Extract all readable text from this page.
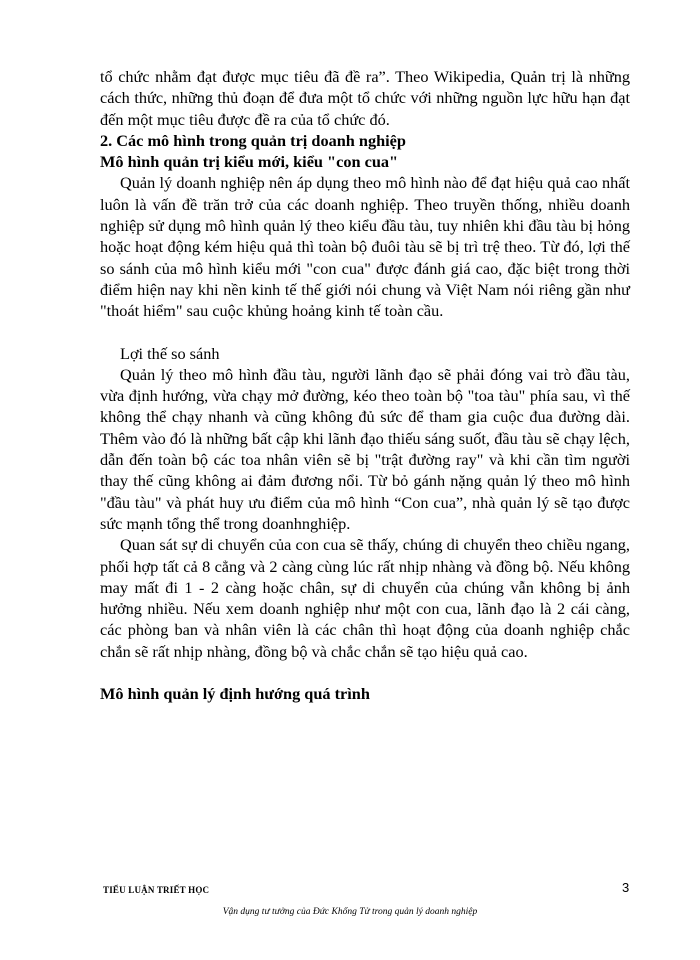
tổ chức nhằm đạt được mục tiêu đã đề ra”. Theo Wikipedia, Quản trị là những cách thức, những thủ đoạn để đưa một tổ chức với những nguồn lực hữu hạn đạt đến một mục tiêu được đề ra của tổ chức đó.

2. Các mô hình trong quản trị doanh nghiệp

Mô hình quản trị kiểu mới, kiểu "con cua"

Quản lý doanh nghiệp nên áp dụng theo mô hình nào để đạt hiệu quả cao nhất luôn là vấn đề trăn trở của các doanh nghiệp. Theo truyền thống, nhiều doanh nghiệp sử dụng mô hình quản lý theo kiểu đầu tàu, tuy nhiên khi đầu tàu bị hỏng hoặc hoạt động kém hiệu quả thì toàn bộ đuôi tàu sẽ bị trì trệ theo. Từ đó, lợi thế so sánh của mô hình kiểu mới "con cua" được đánh giá cao, đặc biệt trong thời điểm hiện nay khi nền kinh tế thế giới nói chung và Việt Nam nói riêng gần như "thoát hiểm" sau cuộc khủng hoảng kinh tế toàn cầu.

Lợi thế so sánh

Quản lý theo mô hình đầu tàu, người lãnh đạo sẽ phải đóng vai trò đầu tàu, vừa định hướng, vừa chạy mở đường, kéo theo toàn bộ "toa tàu" phía sau, vì thế không thể chạy nhanh và cũng không đủ sức để tham gia cuộc đua đường dài. Thêm vào đó là những bất cập khi lãnh đạo thiếu sáng suốt, đầu tàu sẽ chạy lệch, dẫn đến toàn bộ các toa nhân viên sẽ bị "trật đường ray" và khi cần tìm người thay thế cũng không ai đảm đương nổi. Từ bỏ gánh nặng quản lý theo mô hình "đầu tàu" và phát huy ưu điểm của mô hình “Con cua”, nhà quản lý sẽ tạo được sức mạnh tổng thể trong doanhnghiệp.

Quan sát sự di chuyển của con cua sẽ thấy, chúng di chuyển theo chiều ngang, phối hợp tất cả 8 cẳng và 2 càng cùng lúc rất nhịp nhàng và đồng bộ. Nếu không may mất đi 1 - 2 càng hoặc chân, sự di chuyển của chúng vẫn không bị ảnh hưởng nhiều. Nếu xem doanh nghiệp như một con cua, lãnh đạo là 2 cái càng, các phòng ban và nhân viên là các chân thì hoạt động của doanh nghiệp chắc chắn sẽ rất nhịp nhàng, đồng bộ và chắc chắn sẽ tạo hiệu quả cao.

Mô hình quản lý định hướng quá trình

TIỂU LUẬN TRIẾT HỌC	3
Vận dụng tư tưởng của Đức Khổng Tử trong quản lý doanh nghiệp
